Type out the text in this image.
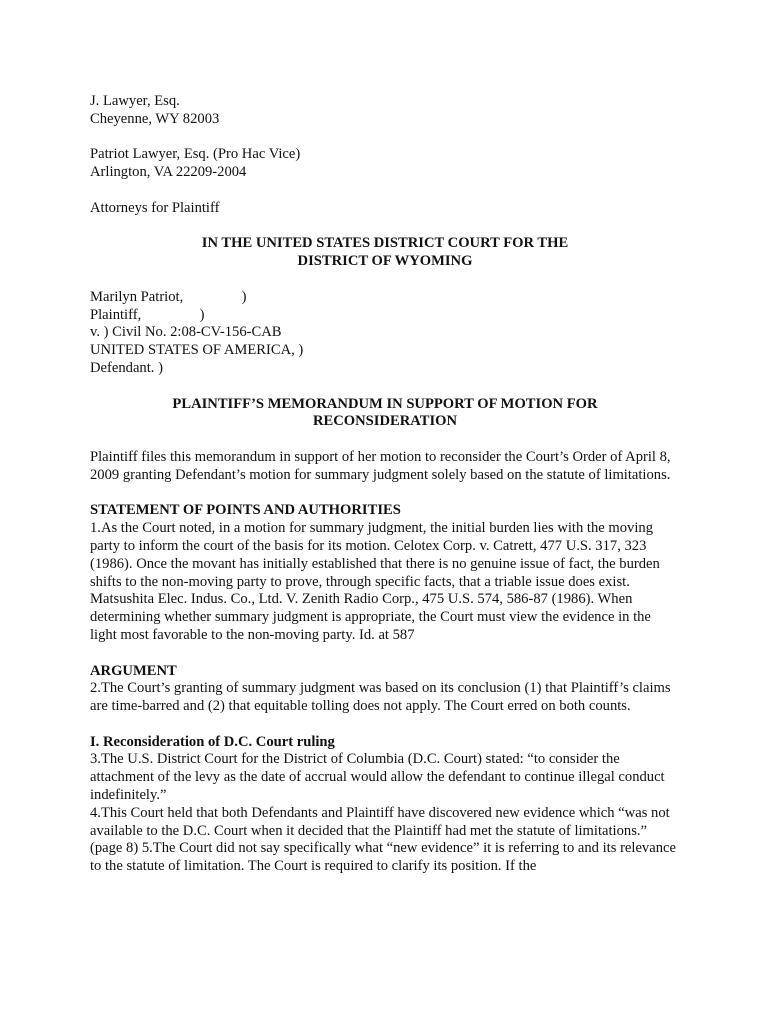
J. Lawyer, Esq.
Cheyenne, WY 82003
Patriot Lawyer, Esq. (Pro Hac Vice)
Arlington, VA 22209-2004
Attorneys for Plaintiff
IN THE UNITED STATES DISTRICT COURT FOR THE
DISTRICT OF WYOMING
Marilyn Patriot,                )
Plaintiff,                )
v. ) Civil No. 2:08-CV-156-CAB
UNITED STATES OF AMERICA, )
Defendant. )
PLAINTIFF’S MEMORANDUM IN SUPPORT OF MOTION FOR
RECONSIDERATION
Plaintiff files this memorandum in support of her motion to reconsider the Court’s Order of April 8, 2009 granting Defendant’s motion for summary judgment solely based on the statute of limitations.
STATEMENT OF POINTS AND AUTHORITIES
1.As the Court noted, in a motion for summary judgment, the initial burden lies with the moving party to inform the court of the basis for its motion. Celotex Corp. v. Catrett, 477 U.S. 317, 323 (1986). Once the movant has initially established that there is no genuine issue of fact, the burden shifts to the non-moving party to prove, through specific facts, that a triable issue does exist. Matsushita Elec. Indus. Co., Ltd. V. Zenith Radio Corp., 475 U.S. 574, 586-87 (1986). When determining whether summary judgment is appropriate, the Court must view the evidence in the light most favorable to the non-moving party. Id. at 587
ARGUMENT
2.The Court’s granting of summary judgment was based on its conclusion (1) that Plaintiff’s claims are time-barred and (2) that equitable tolling does not apply. The Court erred on both counts.
I. Reconsideration of D.C. Court ruling
3.The U.S. District Court for the District of Columbia (D.C. Court) stated: “to consider the attachment of the levy as the date of accrual would allow the defendant to continue illegal conduct indefinitely.”
4.This Court held that both Defendants and Plaintiff have discovered new evidence which “was not available to the D.C. Court when it decided that the Plaintiff had met the statute of limitations.” (page 8) 5.The Court did not say specifically what “new evidence” it is referring to and its relevance to the statute of limitation. The Court is required to clarify its position. If the
